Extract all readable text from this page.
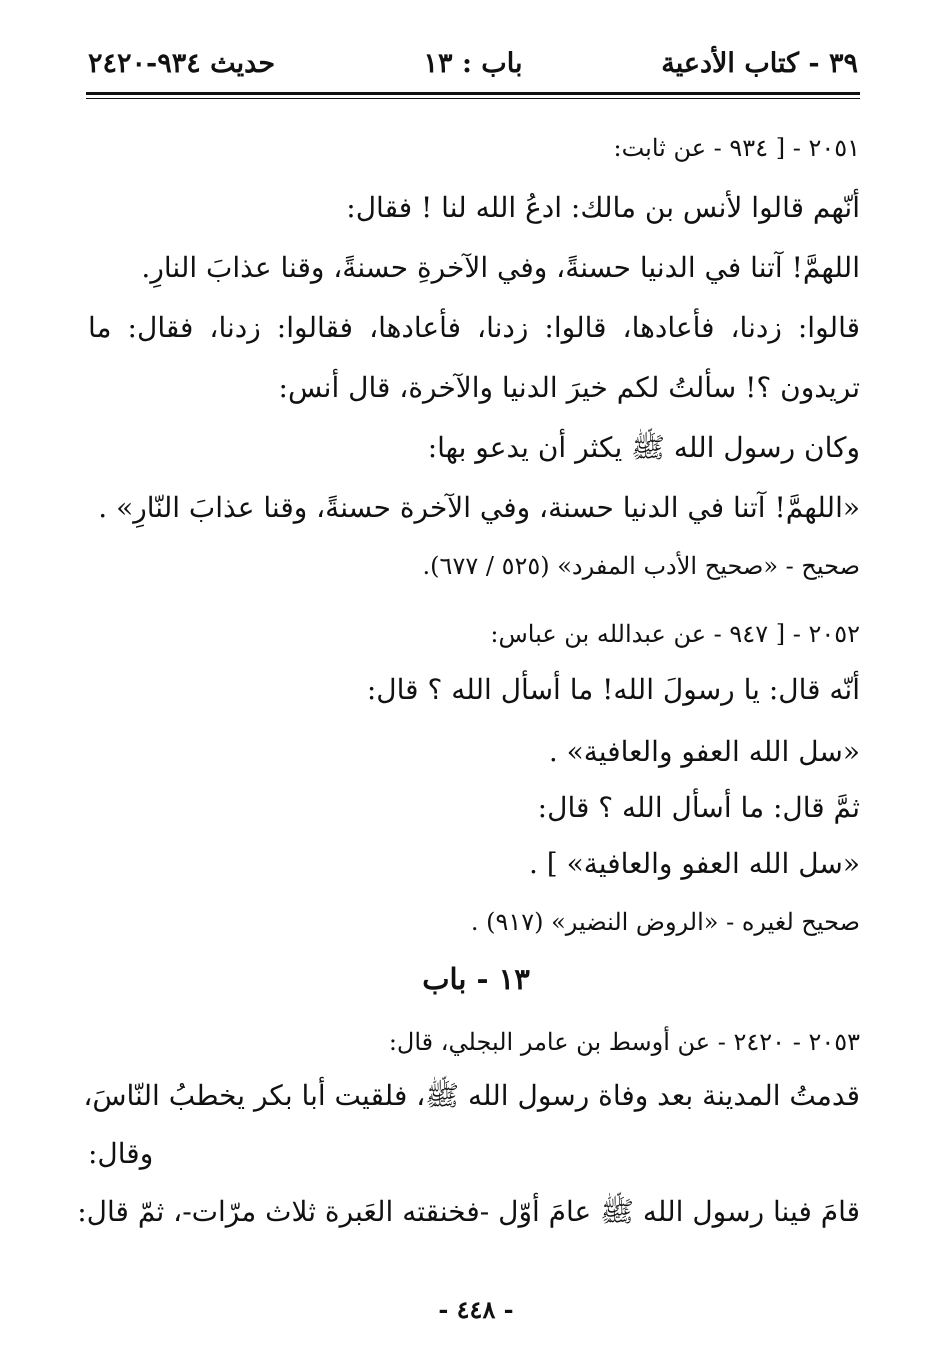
٣٩ - كتاب الأدعية
باب : ١٣
حديث ٩٣٤-٢٤٢٠
٢٠٥١ - [ ٩٣٤ - عن ثابت:
أنّهم قالوا لأنس بن مالك: ادعُ الله لنا ! فقال:
اللهمَّ! آتنا في الدنيا حسنةً، وفي الآخرةِ حسنةً، وقنا عذابَ النارِ.
قالوا: زدنا، فأعادها، قالوا: زدنا، فأعادها، فقالوا: زدنا، فقال: ما
تريدون ؟! سألتُ لكم خيرَ الدنيا والآخرة، قال أنس:
وكان رسول الله ﷺ يكثر أن يدعو بها:
«اللهمَّ! آتنا في الدنيا حسنة، وفي الآخرة حسنةً، وقنا عذابَ النّارِ» .
صحيح - «صحيح الأدب المفرد» (٥٢٥ / ٦٧٧).
٢٠٥٢ - [ ٩٤٧ - عن عبدالله بن عباس:
أنّه قال: يا رسولَ الله! ما أسأل الله ؟ قال:
«سل الله العفو والعافية» .
ثمَّ قال: ما أسأل الله ؟ قال:
«سل الله العفو والعافية» ] .
صحيح لغيره - «الروض النضير» (٩١٧) .
١٣ - باب
٢٠٥٣ - ٢٤٢٠ - عن أوسط بن عامر البجلي، قال:
قدمتُ المدينة بعد وفاة رسول الله ﷺ، فلقيت أبا بكر يخطبُ النّاسَ،
وقال:
قامَ فينا رسول الله ﷺ عامَ أوّل -فخنقته العَبرة ثلاث مرّات-، ثمّ قال:
- ٤٤٨ -
